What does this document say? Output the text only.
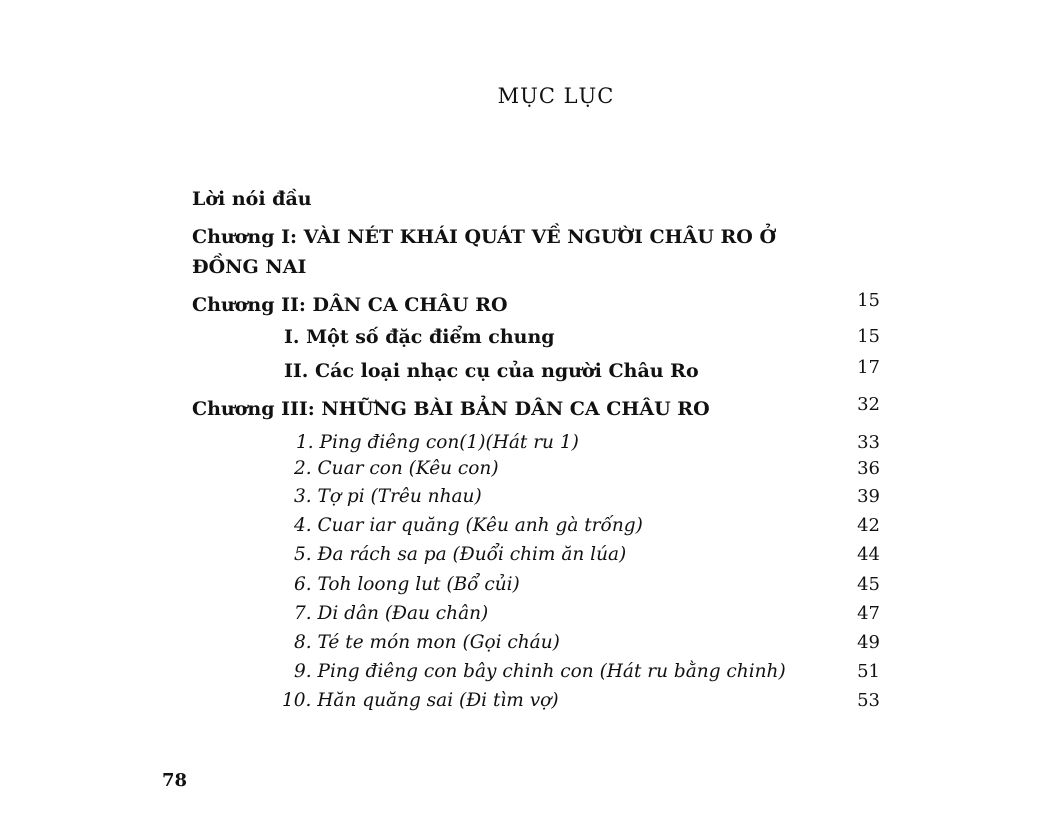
MỤC LỤC
Lời nói đầu
Chương I: VÀI NÉT KHÁI QUÁT VỀ NGƯỜI CHÂU RO Ở
ĐỒNG NAI
Chương II: DÂN CA CHÂU RO	15
I. Một số đặc điểm chung	15
II. Các loại nhạc cụ của người Châu Ro	17
Chương III: NHỮNG BÀI BẢN DÂN CA CHÂU RO	32
1. Ping điêng con(1)(Hát ru 1)	33
2. Cuar con (Kêu con)	36
3. Tợ pi (Trêu nhau)	39
4. Cuar iar quăng (Kêu anh gà trống)	42
5. Đa rách sa pa (Đuổi chim ăn lúa)	44
6. Toh loong lut (Bổ củi)	45
7. Di dân (Đau chân)	47
8. Té te món mon (Gọi cháu)	49
9. Ping điêng con bây chinh con (Hát ru bằng chinh)	51
10. Hăn quăng sai (Đi tìm vợ)	53
78
